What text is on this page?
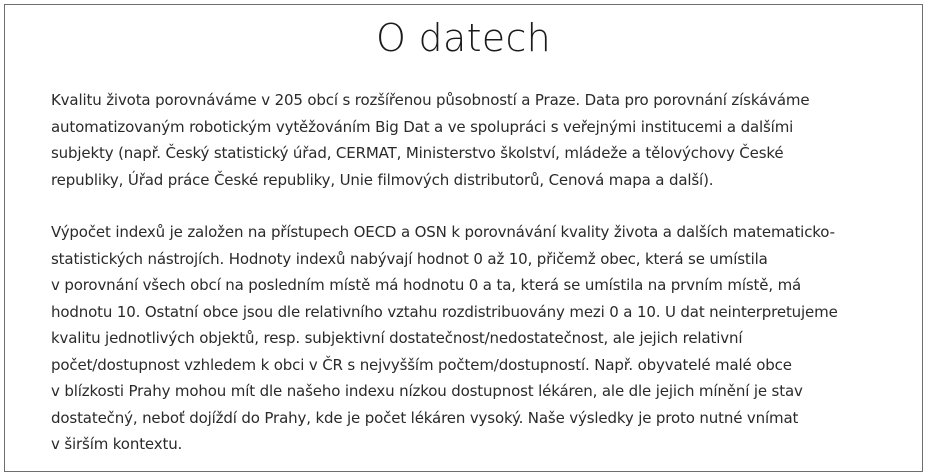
O datech

Kvalitu života porovnáváme v 205 obcí s rozšířenou působností a Praze. Data pro porovnání získáváme
automatizovaným robotickým vytěžováním Big Dat a ve spolupráci s veřejnými institucemi a dalšími
subjekty (např. Český statistický úřad, CERMAT, Ministerstvo školství, mládeže a tělovýchovy České
republiky, Úřad práce České republiky, Unie filmových distributorů, Cenová mapa a další).

Výpočet indexů je založen na přístupech OECD a OSN k porovnávání kvality života a dalších matematicko-
statistických nástrojích. Hodnoty indexů nabývají hodnot 0 až 10, přičemž obec, která se umístila
v porovnání všech obcí na posledním místě má hodnotu 0 a ta, která se umístila na prvním místě, má
hodnotu 10. Ostatní obce jsou dle relativního vztahu rozdistribuovány mezi 0 a 10. U dat neinterpretujeme
kvalitu jednotlivých objektů, resp. subjektivní dostatečnost/nedostatečnost, ale jejich relativní
počet/dostupnost vzhledem k obci v ČR s nejvyšším počtem/dostupností. Např. obyvatelé malé obce
v blízkosti Prahy mohou mít dle našeho indexu nízkou dostupnost lékáren, ale dle jejich mínění je stav
dostatečný, neboť dojíždí do Prahy, kde je počet lékáren vysoký. Naše výsledky je proto nutné vnímat
v širším kontextu.
